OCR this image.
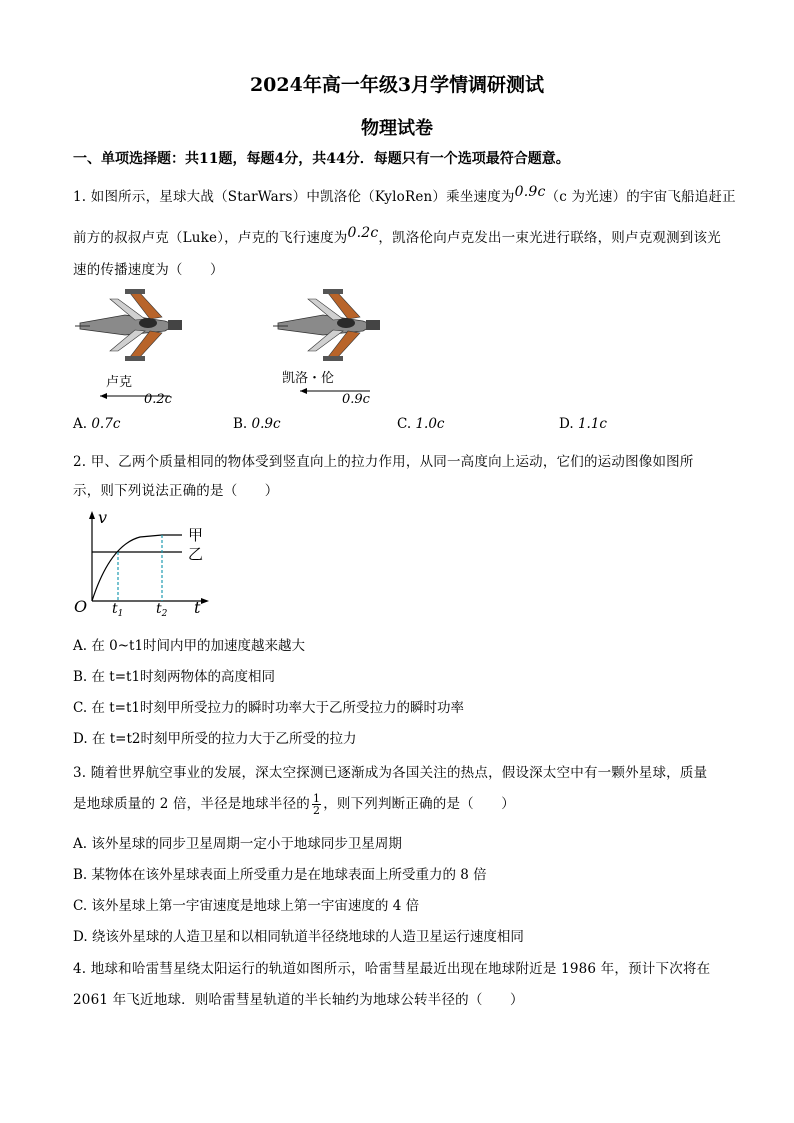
2024年高一年级3月学情调研测试
物理试卷
一、单项选择题：共11题，每题4分，共44分．每题只有一个选项最符合题意。
1. 如图所示，星球大战（StarWars）中凯洛伦（KyloRen）乘坐速度为0.9c（c 为光速）的宇宙飞船追赶正
前方的叔叔卢克（Luke），卢克的飞行速度为0.2c，凯洛伦向卢克发出一束光进行联络，则卢克观测到该光
速的传播速度为（　　）
卢克
0.2c
凯洛・伦
0.9c
A. 0.7c	B. 0.9c	C. 1.0c	D. 1.1c
2. 甲、乙两个质量相同的物体受到竖直向上的拉力作用，从同一高度向上运动，它们的运动图像如图所
示，则下列说法正确的是（　　）
v
O	t
$t_1$ $t_2$
甲
乙
A. 在 0~t1时间内甲的加速度越来越大
B. 在 t=t1时刻两物体的高度相同
C. 在 t=t1时刻甲所受拉力的瞬时功率大于乙所受拉力的瞬时功率
D. 在 t=t2时刻甲所受的拉力大于乙所受的拉力
3. 随着世界航空事业的发展，深太空探测已逐渐成为各国关注的热点，假设深太空中有一颗外星球，质量
是地球质量的 2 倍，半径是地球半径的 $\frac{1}{2}$ ，则下列判断正确的是（　　）
A. 该外星球的同步卫星周期一定小于地球同步卫星周期
B. 某物体在该外星球表面上所受重力是在地球表面上所受重力的 8 倍
C. 该外星球上第一宇宙速度是地球上第一宇宙速度的 4 倍
D. 绕该外星球的人造卫星和以相同轨道半径绕地球的人造卫星运行速度相同
4. 地球和哈雷彗星绕太阳运行的轨道如图所示，哈雷彗星最近出现在地球附近是 1986 年，预计下次将在
2061 年飞近地球．则哈雷彗星轨道的半长轴约为地球公转半径的（　　）
